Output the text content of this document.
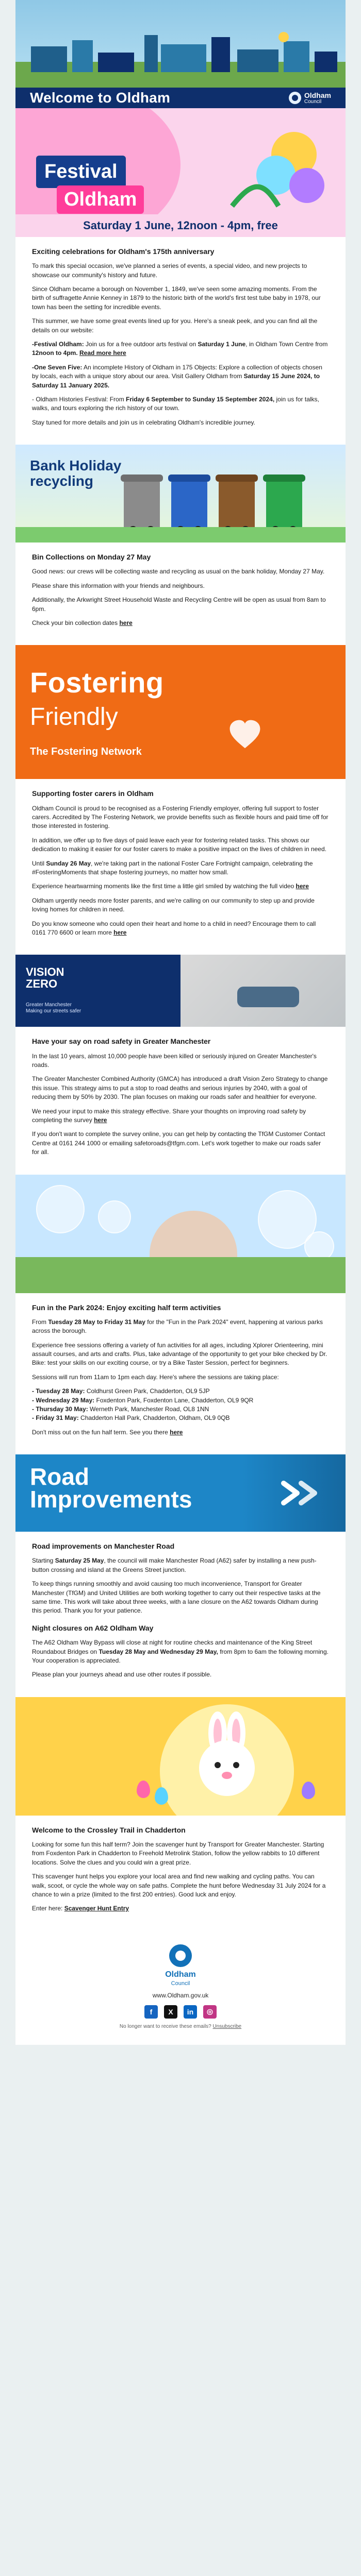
Welcome to Oldham	Oldham
Council
Festival
Oldham
Saturday 1 June, 12noon - 4pm, free
Exciting celebrations for Oldham's 175th anniversary

To mark this special occasion, we've planned a series of events, a special video, and new projects to showcase our community's history and future.

Since Oldham became a borough on November 1, 1849, we've seen some amazing moments. From the birth of suffragette Annie Kenney in 1879 to the historic birth of the world's first test tube baby in 1978, our town has been the setting for incredible events.

This summer, we have some great events lined up for you. Here's a sneak peek, and you can find all the details on our website:

-Festival Oldham: Join us for a free outdoor arts festival on Saturday 1 June, in Oldham Town Centre from 12noon to 4pm. Read more here

-One Seven Five: An incomplete History of Oldham in 175 Objects: Explore a collection of objects chosen by locals, each with a unique story about our area. Visit Gallery Oldham from Saturday 15 June 2024, to Saturday 11 January 2025.

- Oldham Histories Festival: From Friday 6 September to Sunday 15 September 2024, join us for talks, walks, and tours exploring the rich history of our town.

Stay tuned for more details and join us in celebrating Oldham's incredible journey.

Bank Holiday
recycling
Bin Collections on Monday 27 May

Good news: our crews will be collecting waste and recycling as usual on the bank holiday, Monday 27 May.

Please share this information with your friends and neighbours.

Additionally, the Arkwright Street Household Waste and Recycling Centre will be open as usual from 8am to 6pm.

Check your bin collection dates here

Fostering
Friendly
The Fostering Network
Supporting foster carers in Oldham

Oldham Council is proud to be recognised as a Fostering Friendly employer, offering full support to foster carers. Accredited by The Fostering Network, we provide benefits such as flexible hours and paid time off for those interested in fostering.

In addition, we offer up to five days of paid leave each year for fostering related tasks. This shows our dedication to making it easier for our foster carers to make a positive impact on the lives of children in need.

Until Sunday 26 May, we're taking part in the national Foster Care Fortnight campaign, celebrating the #FosteringMoments that shape fostering journeys, no matter how small.

Experience heartwarming moments like the first time a little girl smiled by watching the full video here

Oldham urgently needs more foster parents, and we're calling on our community to step up and provide loving homes for children in need.

Do you know someone who could open their heart and home to a child in need? Encourage them to call 0161 770 6600 or learn more here

VISION
ZERO
Greater Manchester
Making our streets safer
Have your say on road safety in Greater Manchester

In the last 10 years, almost 10,000 people have been killed or seriously injured on Greater Manchester's roads.

The Greater Manchester Combined Authority (GMCA) has introduced a draft Vision Zero Strategy to change this issue. This strategy aims to put a stop to road deaths and serious injuries by 2040, with a goal of reducing them by 50% by 2030. The plan focuses on making our roads safer and healthier for everyone.

We need your input to make this strategy effective. Share your thoughts on improving road safety by completing the survey here

If you don't want to complete the survey online, you can get help by contacting the TfGM Customer Contact Centre at 0161 244 1000 or emailing safetoroads@tfgm.com. Let's work together to make our roads safer for all.

Fun in the Park 2024: Enjoy exciting half term activities

From Tuesday 28 May to Friday 31 May for the "Fun in the Park 2024" event, happening at various parks across the borough.

Experience free sessions offering a variety of fun activities for all ages, including Xplorer Orienteering, mini assault courses, and arts and crafts. Plus, take advantage of the opportunity to get your bike checked by Dr. Bike: test your skills on our exciting course, or try a Bike Taster Session, perfect for beginners.

Sessions will run from 11am to 1pm each day. Here's where the sessions are taking place:

- Tuesday 28 May: Coldhurst Green Park, Chadderton, OL9 5JP
- Wednesday 29 May: Foxdenton Park, Foxdenton Lane, Chadderton, OL9 9QR
- Thursday 30 May: Werneth Park, Manchester Road, OL8 1NN
- Friday 31 May: Chadderton Hall Park, Chadderton, Oldham, OL9 0QB

Don't miss out on the fun half term. See you there here

Road
Improvements
Road improvements on Manchester Road

Starting Saturday 25 May, the council will make Manchester Road (A62) safer by installing a new push-button crossing and island at the Greens Street junction.

To keep things running smoothly and avoid causing too much inconvenience, Transport for Greater Manchester (TfGM) and United Utilities are both working together to carry out their respective tasks at the same time. This work will take about three weeks, with a lane closure on the A62 towards Oldham during this period. Thank you for your patience.

Night closures on A62 Oldham Way

The A62 Oldham Way Bypass will close at night for routine checks and maintenance of the King Street Roundabout Bridges on Tuesday 28 May and Wednesday 29 May, from 8pm to 6am the following morning. Your cooperation is appreciated.

Please plan your journeys ahead and use other routes if possible.

Welcome to the Crossley Trail in Chadderton

Looking for some fun this half term? Join the scavenger hunt by Transport for Greater Manchester. Starting from Foxdenton Park in Chadderton to Freehold Metrolink Station, follow the yellow rabbits to 10 different locations. Solve the clues and you could win a great prize.

This scavenger hunt helps you explore your local area and find new walking and cycling paths. You can walk, scoot, or cycle the whole way on safe paths. Complete the hunt before Wednesday 31 July 2024 for a chance to win a prize (limited to the first 200 entries). Good luck and enjoy.

Enter here: Scavenger Hunt Entry

Oldham
Council
www.Oldham.gov.uk
f X in ◎
No longer want to receive these emails? Unsubscribe
